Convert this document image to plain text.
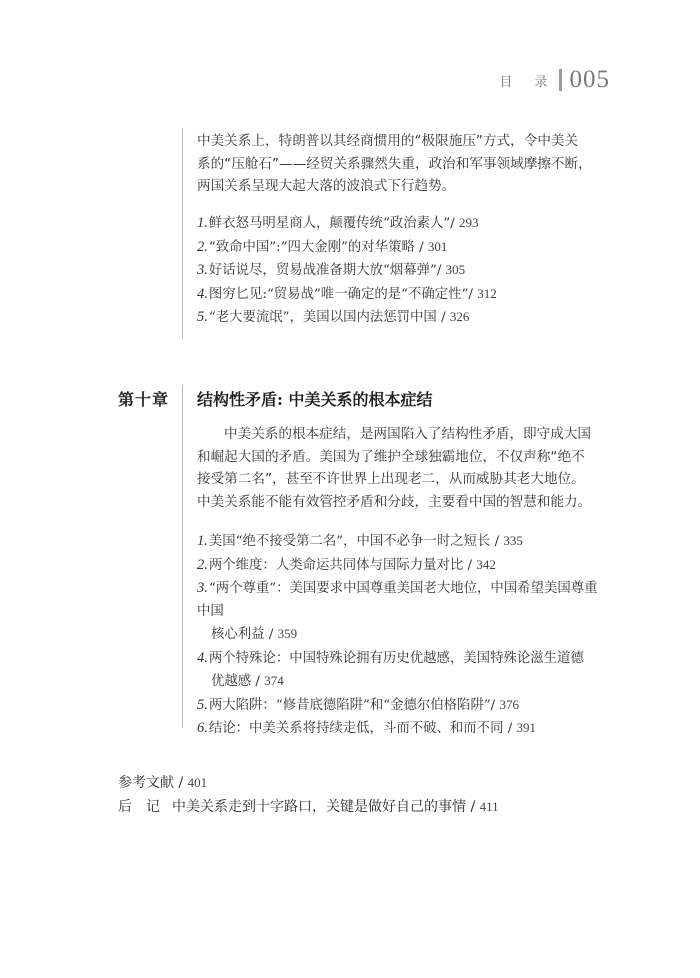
目 录 005

中美关系上，特朗普以其经商惯用的“极限施压”方式，令中美关
系的“压舱石”——经贸关系骤然失重，政治和军事领域摩擦不断，
两国关系呈现大起大落的波浪式下行趋势。

1.鲜衣怒马明星商人，颠覆传统“政治素人”/ 293
2.“致命中国”:“四大金刚”的对华策略 / 301
3.好话说尽，贸易战准备期大放“烟幕弹”/ 305
4.图穷匕见:“贸易战”唯一确定的是“不确定性”/ 312
5.“老大要流氓”，美国以国内法惩罚中国 / 326
第十章 结构性矛盾: 中美关系的根本症结

中美关系的根本症结，是两国陷入了结构性矛盾，即守成大国
和崛起大国的矛盾。美国为了维护全球独霸地位，不仅声称“绝不
接受第二名”，甚至不许世界上出现老二，从而威胁其老大地位。
中美关系能不能有效管控矛盾和分歧，主要看中国的智慧和能力。

1.美国“绝不接受第二名”，中国不必争一时之短长 / 335
2.两个维度：人类命运共同体与国际力量对比 / 342
3.“两个尊重”：美国要求中国尊重美国老大地位，中国希望美国尊重中国
核心利益 / 359
4.两个特殊论：中国特殊论拥有历史优越感，美国特殊论滋生道德
优越感 / 374
5.两大陷阱：“修昔底德陷阱”和“金德尔伯格陷阱”/ 376
6.结论：中美关系将持续走低，斗而不破、和而不同 / 391
参考文献 / 401
后　记 中美关系走到十字路口，关键是做好自己的事情 / 411
